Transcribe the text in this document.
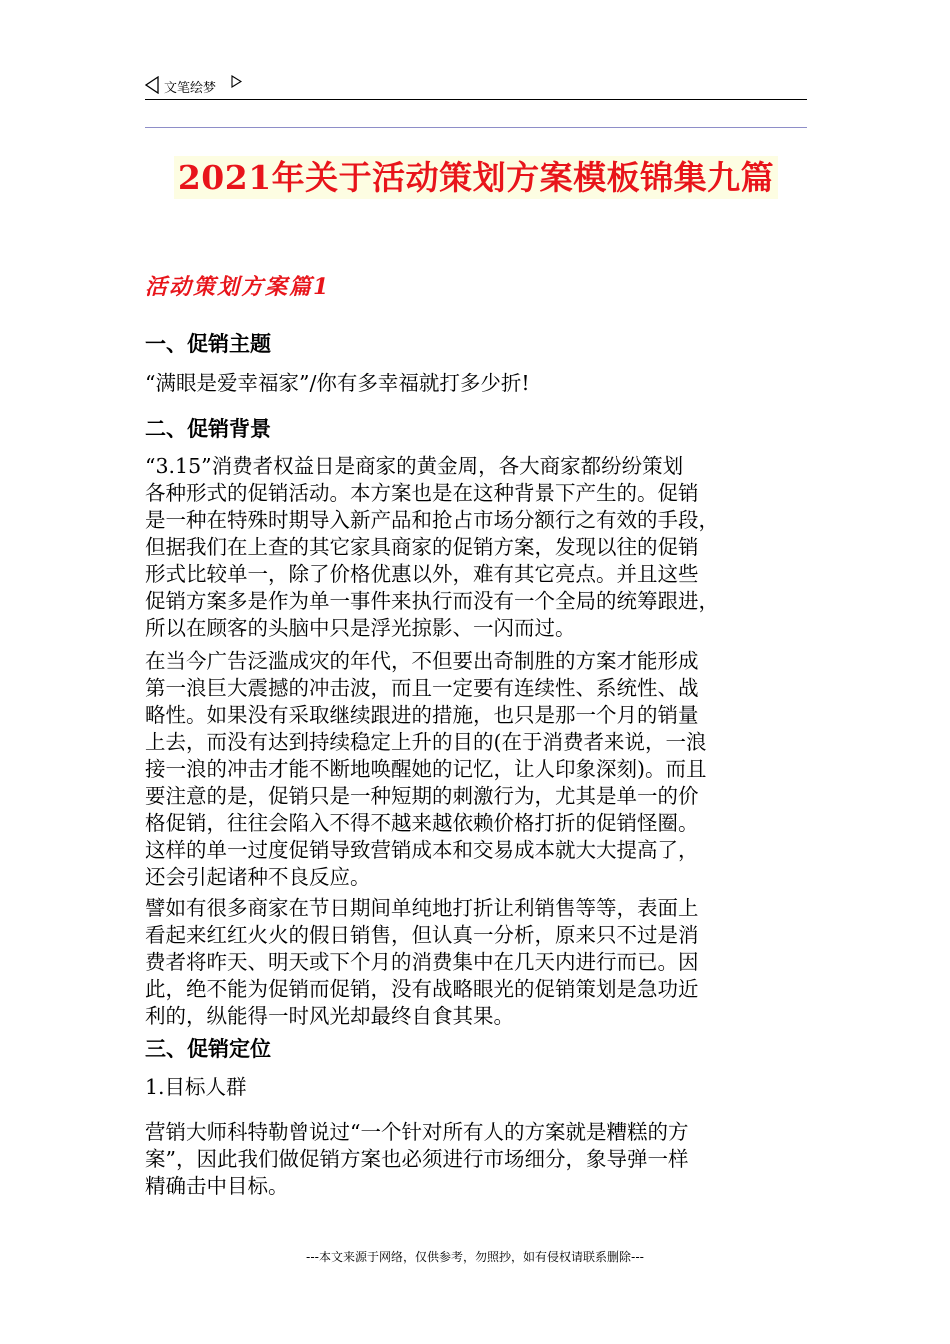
文笔绘梦
2021年关于活动策划方案模板锦集九篇
活动策划方案篇1
一、促销主题
“满眼是爱幸福家”/你有多幸福就打多少折!
二、促销背景
“3.15”消费者权益日是商家的黄金周，各大商家都纷纷策划
各种形式的促销活动。本方案也是在这种背景下产生的。促销
是一种在特殊时期导入新产品和抢占市场分额行之有效的手段，
但据我们在上查的其它家具商家的促销方案，发现以往的促销
形式比较单一，除了价格优惠以外，难有其它亮点。并且这些
促销方案多是作为单一事件来执行而没有一个全局的统筹跟进，
所以在顾客的头脑中只是浮光掠影、一闪而过。
在当今广告泛滥成灾的年代，不但要出奇制胜的方案才能形成
第一浪巨大震撼的冲击波，而且一定要有连续性、系统性、战
略性。如果没有采取继续跟进的措施，也只是那一个月的销量
上去，而没有达到持续稳定上升的目的(在于消费者来说，一浪
接一浪的冲击才能不断地唤醒她的记忆，让人印象深刻)。而且
要注意的是，促销只是一种短期的刺激行为，尤其是单一的价
格促销，往往会陷入不得不越来越依赖价格打折的促销怪圈。
这样的单一过度促销导致营销成本和交易成本就大大提高了，
还会引起诸种不良反应。
譬如有很多商家在节日期间单纯地打折让利销售等等，表面上
看起来红红火火的假日销售，但认真一分析，原来只不过是消
费者将昨天、明天或下个月的消费集中在几天内进行而已。因
此，绝不能为促销而促销，没有战略眼光的促销策划是急功近
利的，纵能得一时风光却最终自食其果。
三、促销定位
1.目标人群
营销大师科特勒曾说过“一个针对所有人的方案就是糟糕的方
案”，因此我们做促销方案也必须进行市场细分，象导弹一样
精确击中目标。
---本文来源于网络，仅供参考，勿照抄，如有侵权请联系删除---
